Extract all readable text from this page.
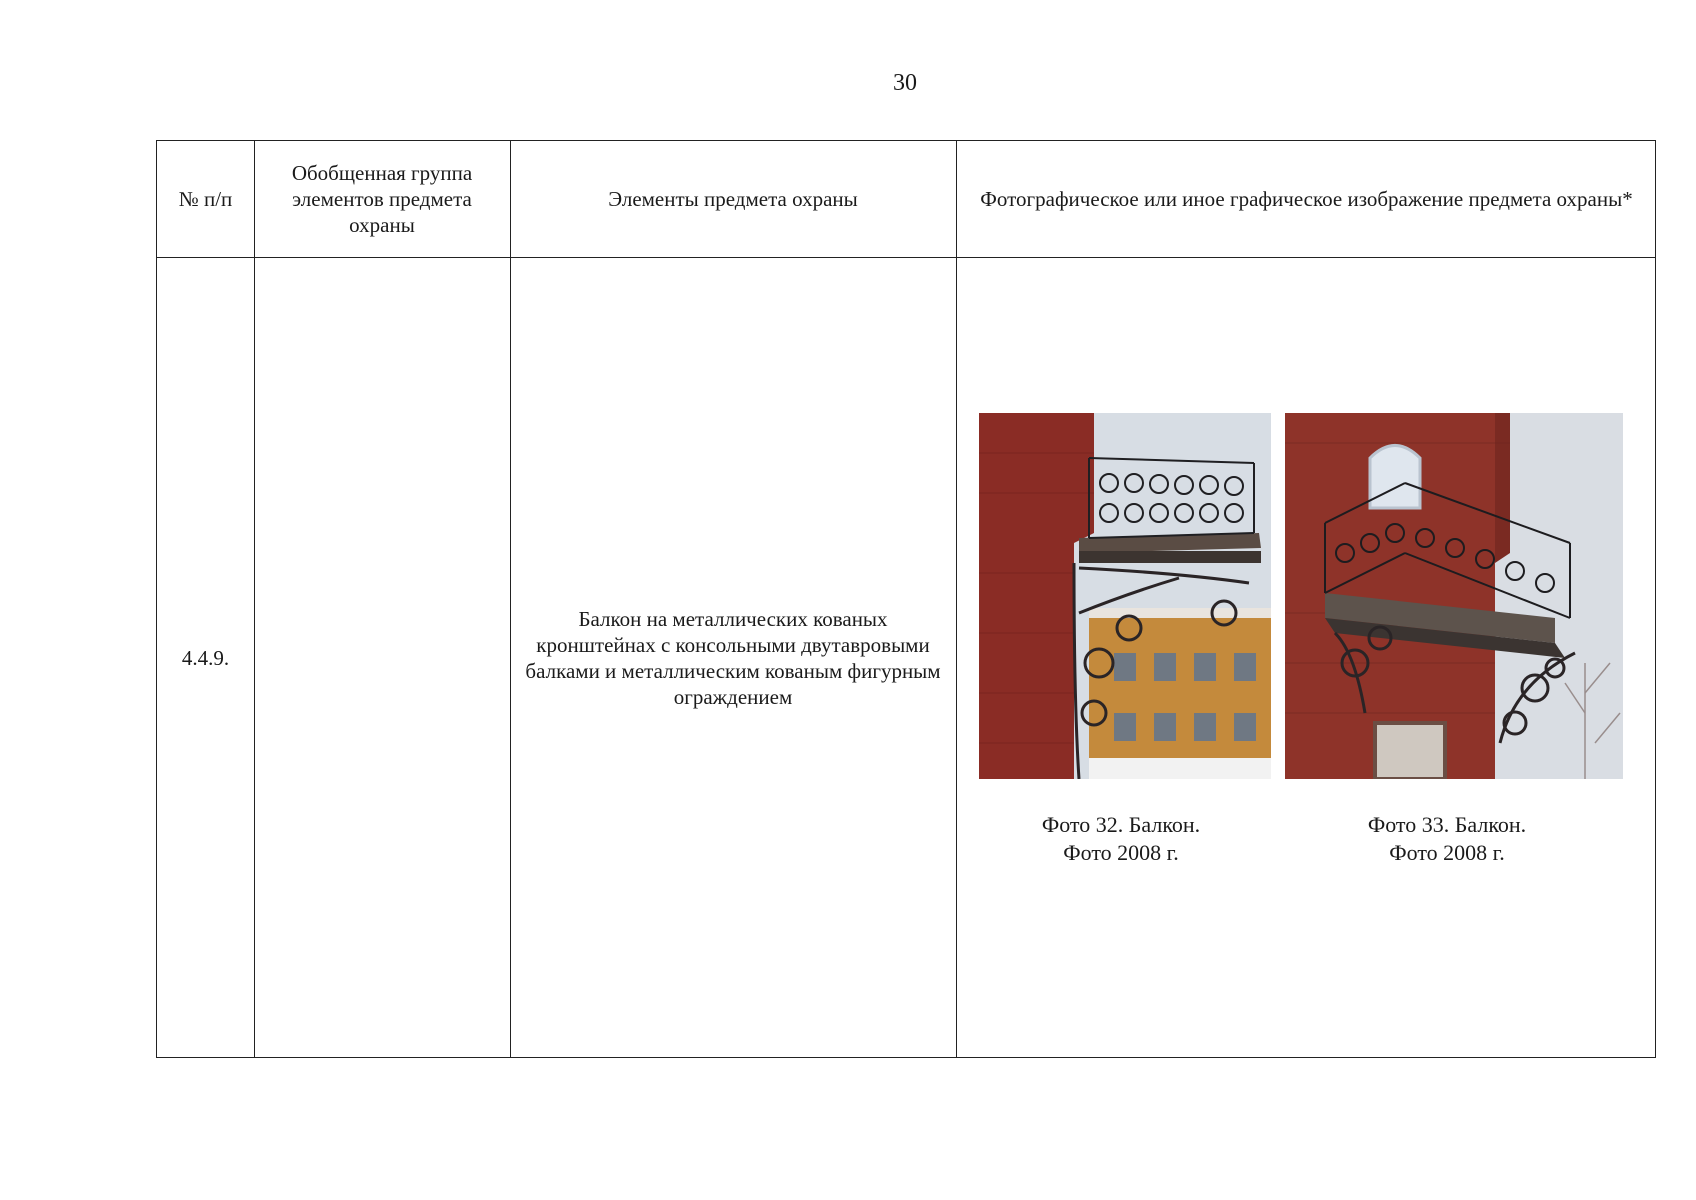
30
№ п/п
Обобщенная группа элементов предмета охраны
Элементы предмета охраны	Фотографическое или иное графическое изображение предмета охраны*
4.4.9.
Балкон на металлических кованых кронштейнах с консольными двутавровыми балками и металлическим кованым фигурным ограждением
Фото 32. Балкон.
Фото 2008 г.
Фото 33. Балкон.
Фото 2008 г.
